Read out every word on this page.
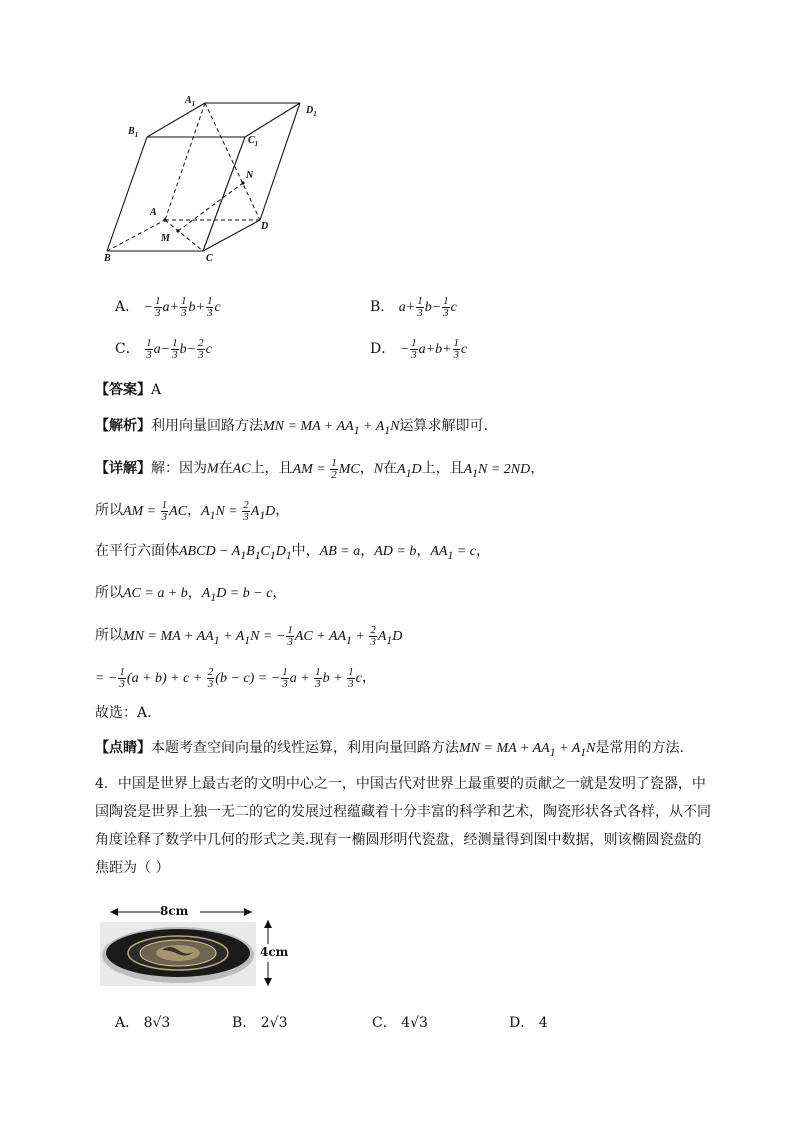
$A_1$
$B_1$	$C_1$
$D_1$
A
B	C
D
M
N
A． − $\frac{1}{3} a+ \frac{1}{3} b+ \frac{1}{3}$ c	B． $a+ \frac{1}{3} b- \frac{1}{3}$ c
C． $\frac{1}{3} a- \frac{1}{3} b- \frac{2}{3}$ c	D． − $\frac{1}{3} a+b+ \frac{1}{3}$ c
【答案】A
【解析】利用向量回路方法MN = MA + $AA_1 + A_1N$运算求解即可.
【详解】解：因为M在AC上，且AM = $\frac{1}{2}$ MC，N在$A_1D$上，且$A_1N = 2ND$，
所以AM = $\frac{1}{3}$ AC，$A_1N = \frac{2}{3} A_1D$，
在平行六面体ABCD − $A_1B_1C_1D_1$中，AB = a，AD = b，$AA_1 = c$，
所以AC = a + b，$A_1D = b - c$，
所以MN = MA + $AA_1 + A_1N$ = − $\frac{1}{3}$ AC + $AA_1 + \frac{2}{3} A_1D$
= − $\frac{1}{3} (a + b) + c + \frac{2}{3} (b - c)$ = − $\frac{1}{3}$ $a + \frac{1}{3}$ $b + \frac{1}{3}$ c，
故选：A.
【点睛】本题考查空间向量的线性运算，利用向量回路方法MN = MA + $AA_1 + A_1N$是常用的方法.
4．中国是世界上最古老的文明中心之一，中国古代对世界上最重要的贡献之一就是发明了瓷器，中国陶瓷是世界上独一无二的它的发展过程蕴藏着十分丰富的科学和艺术，陶瓷形状各式各样，从不同角度诠释了数学中几何的形式之美.现有一椭圆形明代瓷盘，经测量得到图中数据，则该椭圆瓷盘的焦距为（ ）
8cm
4cm
A． 8√3	B． 2√3	C． 4√3	D． 4
